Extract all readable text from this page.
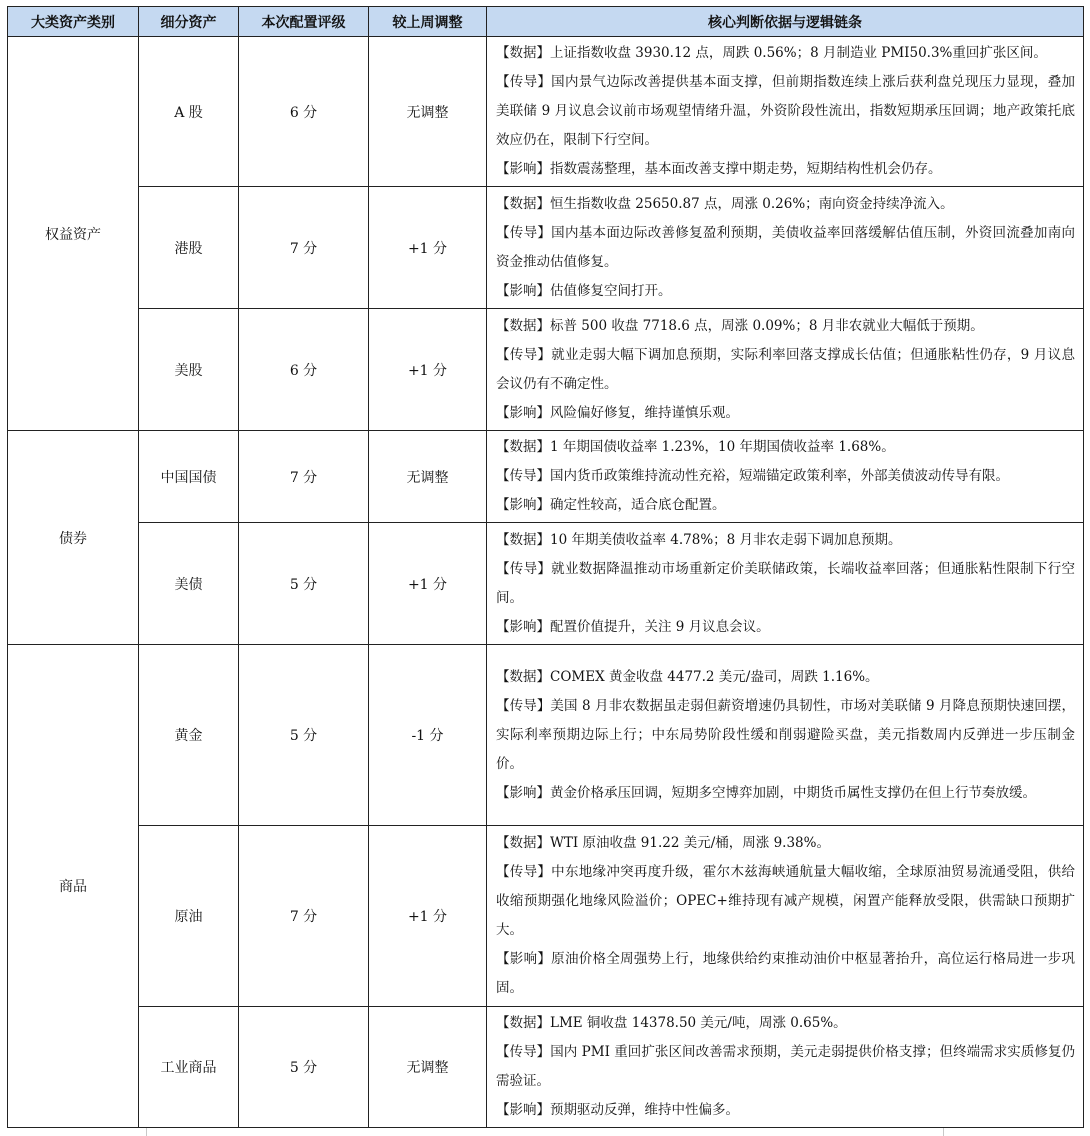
大类资产类别	细分资产	本次配置评级	较上周调整	核心判断依据与逻辑链条
权益资产	A 股	6 分	无调整	【数据】上证指数收盘 3930.12 点，周跌 0.56%；8 月制造业 PMI50.3%重回扩张区间。
【传导】国内景气边际改善提供基本面支撑，但前期指数连续上涨后获利盘兑现压力显现，叠加美联储 9 月议息会议前市场观望情绪升温，外资阶段性流出，指数短期承压回调；地产政策托底效应仍在，限制下行空间。
【影响】指数震荡整理，基本面改善支撑中期走势，短期结构性机会仍存。

	港股	7 分	+1 分	【数据】恒生指数收盘 25650.87 点，周涨 0.26%；南向资金持续净流入。
【传导】国内基本面边际改善修复盈利预期，美债收益率回落缓解估值压制，外资回流叠加南向资金推动估值修复。
【影响】估值修复空间打开。

	美股	6 分	+1 分	【数据】标普 500 收盘 7718.6 点，周涨 0.09%；8 月非农就业大幅低于预期。
【传导】就业走弱大幅下调加息预期，实际利率回落支撑成长估值；但通胀粘性仍存，9 月议息会议仍有不确定性。
【影响】风险偏好修复，维持谨慎乐观。

债券	中国国债	7 分	无调整	【数据】1 年期国债收益率 1.23%，10 年期国债收益率 1.68%。
【传导】国内货币政策维持流动性充裕，短端锚定政策利率，外部美债波动传导有限。
【影响】确定性较高，适合底仓配置。

	美债	5 分	+1 分	【数据】10 年期美债收益率 4.78%；8 月非农走弱下调加息预期。
【传导】就业数据降温推动市场重新定价美联储政策，长端收益率回落；但通胀粘性限制下行空间。
【影响】配置价值提升，关注 9 月议息会议。

商品	黄金	5 分	-1 分	【数据】COMEX 黄金收盘 4477.2 美元/盎司，周跌 1.16%。
【传导】美国 8 月非农数据虽走弱但薪资增速仍具韧性，市场对美联储 9 月降息预期快速回摆，实际利率预期边际上行；中东局势阶段性缓和削弱避险买盘，美元指数周内反弹进一步压制金价。
【影响】黄金价格承压回调，短期多空博弈加剧，中期货币属性支撑仍在但上行节奏放缓。

	原油	7 分	+1 分	【数据】WTI 原油收盘 91.22 美元/桶，周涨 9.38%。
【传导】中东地缘冲突再度升级，霍尔木兹海峡通航量大幅收缩，全球原油贸易流通受阻，供给收缩预期强化地缘风险溢价；OPEC+维持现有减产规模，闲置产能释放受限，供需缺口预期扩大。
【影响】原油价格全周强势上行，地缘供给约束推动油价中枢显著抬升，高位运行格局进一步巩固。

	工业商品	5 分	无调整	【数据】LME 铜收盘 14378.50 美元/吨，周涨 0.65%。
【传导】国内 PMI 重回扩张区间改善需求预期，美元走弱提供价格支撑；但终端需求实质修复仍需验证。
【影响】预期驱动反弹，维持中性偏多。
